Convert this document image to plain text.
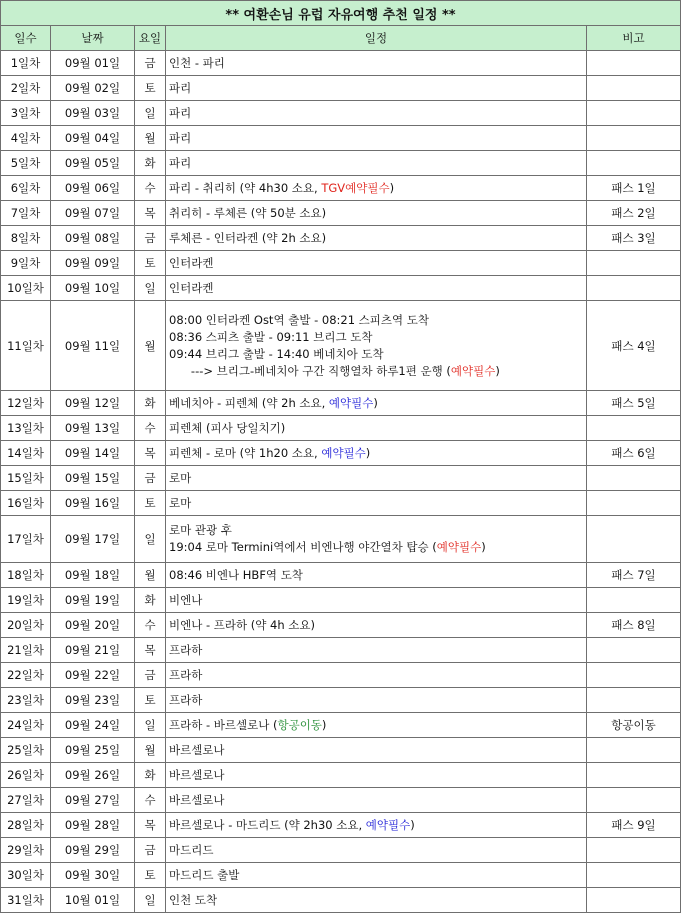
** 여환손님 유럽 자유여행 추천 일정 **				
일수	날짜	요일	일정	비고
1일차	09월 01일	금	인천 - 파리	

2일차	09월 02일	토	파리	

3일차	09월 03일	일	파리	

4일차	09월 04일	월	파리	

5일차	09월 05일	화	파리	

6일차	09월 06일	수	파리 - 취리히 (약 4h30 소요, TGV예약필수)	패스 1일
7일차	09월 07일	목	취리히 - 루체른 (약 50분 소요)	패스 2일
8일차	09월 08일	금	루체른 - 인터라켄 (약 2h 소요)	패스 3일
9일차	09월 09일	토	인터라켄	

10일차	09월 10일	일	인터라켄	

11일차	09월 11일	월	08:00 인터라켄 Ost역 출발 - 08:21 스피츠역 도착
08:36 스피츠 출발 - 09:11 브리그 도착
09:44 브리그 출발 - 14:40 베네치아 도착
---> 브리그-베네치아 구간 직행열차 하루1편 운행 (예약필수)	패스 4일
12일차	09월 12일	화	베네치아 - 피렌체 (약 2h 소요, 예약필수)	패스 5일
13일차	09월 13일	수	피렌체 (피사 당일치기)	

14일차	09월 14일	목	피렌체 - 로마 (약 1h20 소요, 예약필수)	패스 6일
15일차	09월 15일	금	로마	

16일차	09월 16일	토	로마	

17일차	09월 17일	일	로마 관광 후
19:04 로마 Termini역에서 비엔나행 야간열차 탑승 (예약필수)	

18일차	09월 18일	월	08:46 비엔나 HBF역 도착	패스 7일
19일차	09월 19일	화	비엔나	

20일차	09월 20일	수	비엔나 - 프라하 (약 4h 소요)	패스 8일
21일차	09월 21일	목	프라하	

22일차	09월 22일	금	프라하	

23일차	09월 23일	토	프라하	

24일차	09월 24일	일	프라하 - 바르셀로나 (항공이동)	항공이동
25일차	09월 25일	월	바르셀로나	

26일차	09월 26일	화	바르셀로나	

27일차	09월 27일	수	바르셀로나	

28일차	09월 28일	목	바르셀로나 - 마드리드 (약 2h30 소요, 예약필수)	패스 9일
29일차	09월 29일	금	마드리드	

30일차	09월 30일	토	마드리드 출발	

31일차	10월 01일	일	인천 도착	
